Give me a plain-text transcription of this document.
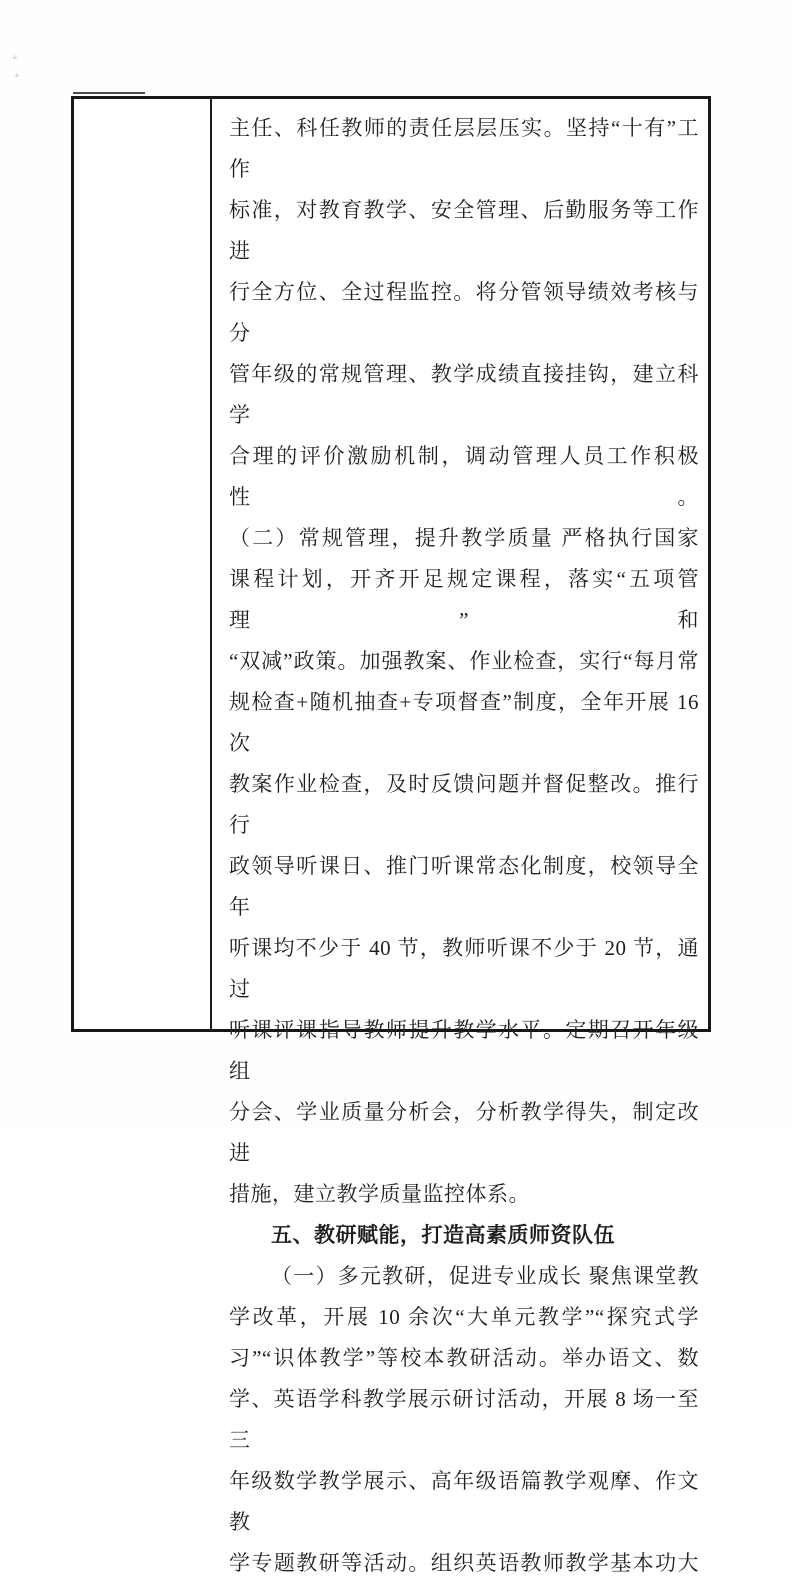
+
+
主任、科任教师的责任层层压实。坚持“十有”工作
标准，对教育教学、安全管理、后勤服务等工作进
行全方位、全过程监控。将分管领导绩效考核与分
管年级的常规管理、教学成绩直接挂钩，建立科学
合理的评价激励机制，调动管理人员工作积极性。
（二）常规管理，提升教学质量 严格执行国家
课程计划，开齐开足规定课程，落实“五项管理”和
“双减”政策。加强教案、作业检查，实行“每月常
规检查+随机抽查+专项督查”制度，全年开展 16 次
教案作业检查，及时反馈问题并督促整改。推行行
政领导听课日、推门听课常态化制度，校领导全年
听课均不少于 40 节，教师听课不少于 20 节，通过
听课评课指导教师提升教学水平。定期召开年级组
分会、学业质量分析会，分析教学得失，制定改进
措施，建立教学质量监控体系。
五、教研赋能，打造高素质师资队伍
（一）多元教研，促进专业成长 聚焦课堂教
学改革，开展 10 余次“大单元教学”“探究式学
习”“识体教学”等校本教研活动。举办语文、数
学、英语学科教学展示研讨活动，开展 8 场一至三
年级数学教学展示、高年级语篇教学观摩、作文教
学专题教研等活动。组织英语教师教学基本功大
